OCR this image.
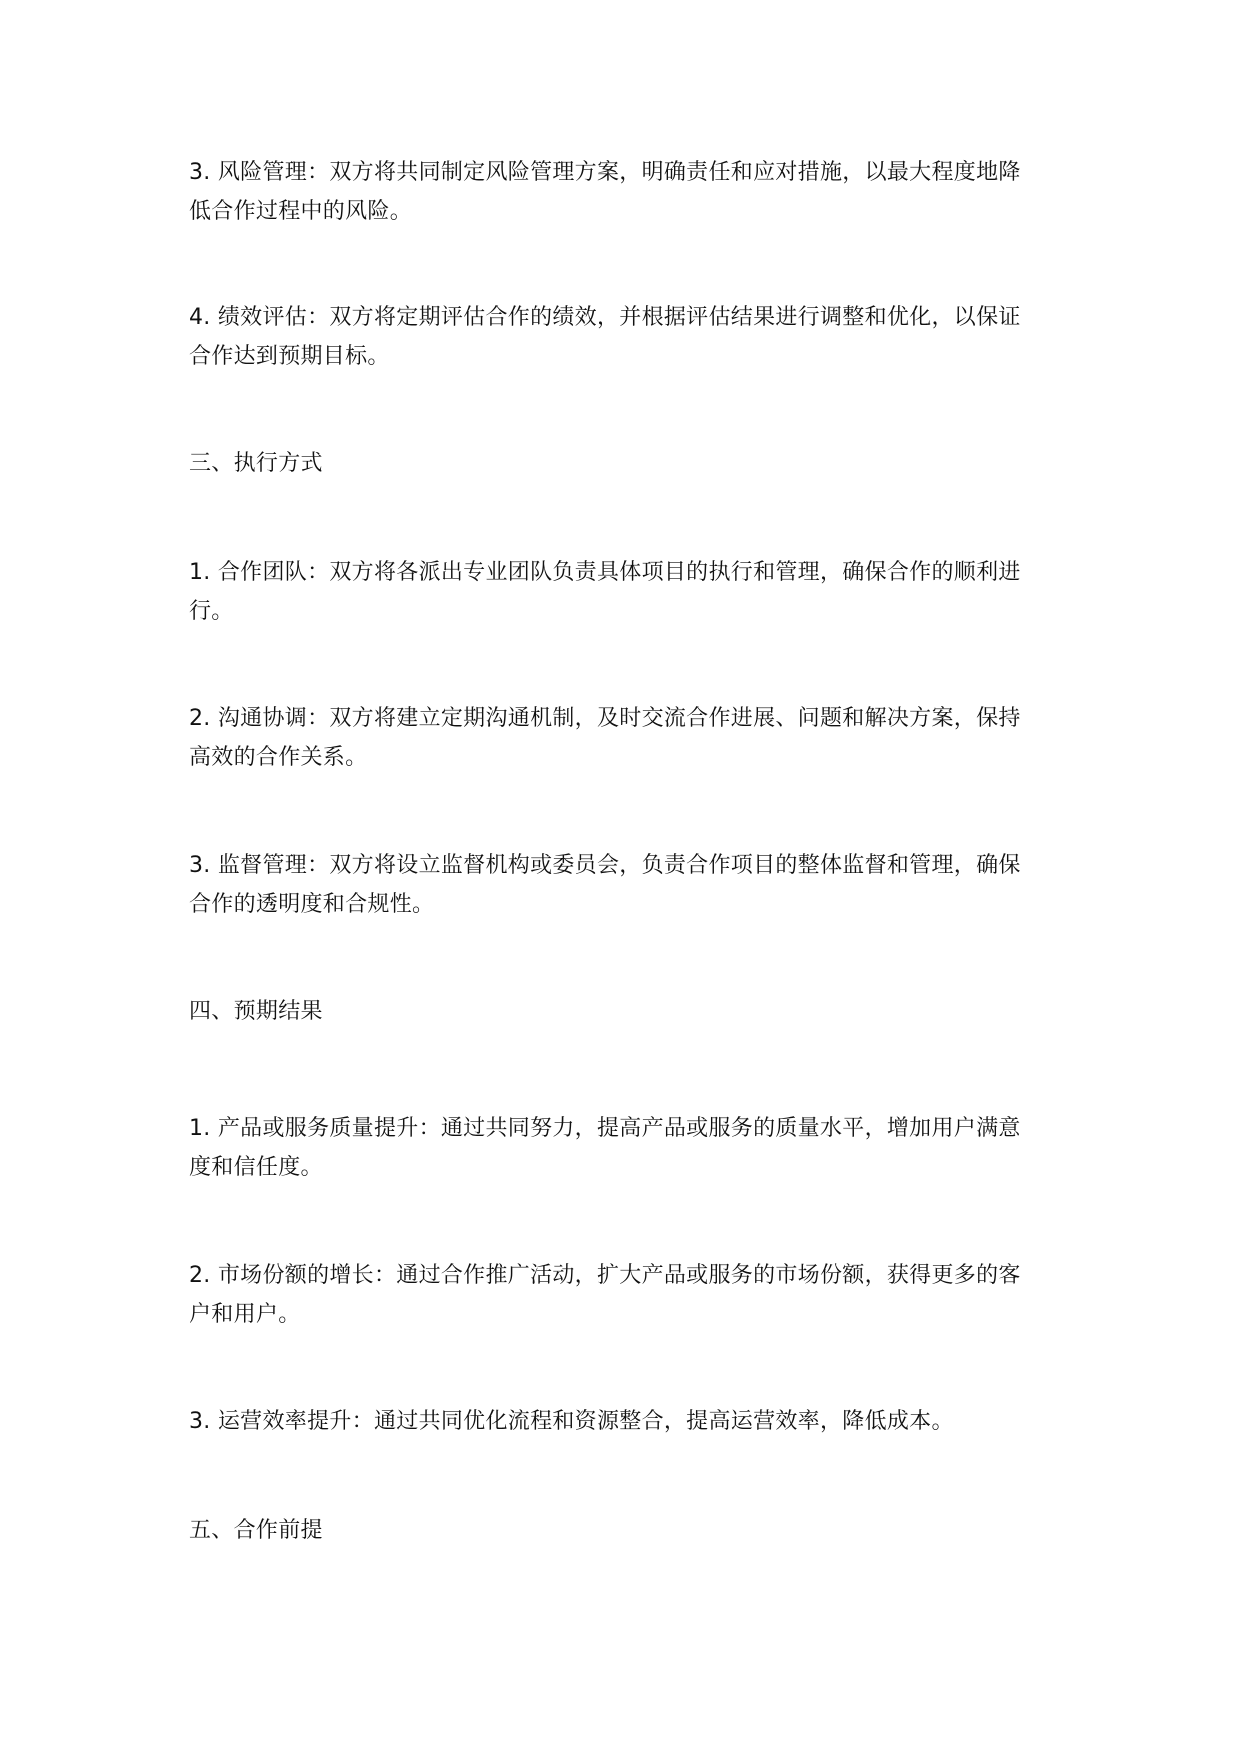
3. 风险管理：双方将共同制定风险管理方案，明确责任和应对措施，以最大程度地降
低合作过程中的风险。

4. 绩效评估：双方将定期评估合作的绩效，并根据评估结果进行调整和优化，以保证
合作达到预期目标。

三、执行方式

1. 合作团队：双方将各派出专业团队负责具体项目的执行和管理，确保合作的顺利进
行。

2. 沟通协调：双方将建立定期沟通机制，及时交流合作进展、问题和解决方案，保持
高效的合作关系。

3. 监督管理：双方将设立监督机构或委员会，负责合作项目的整体监督和管理，确保
合作的透明度和合规性。

四、预期结果

1. 产品或服务质量提升：通过共同努力，提高产品或服务的质量水平，增加用户满意
度和信任度。

2. 市场份额的增长：通过合作推广活动，扩大产品或服务的市场份额，获得更多的客
户和用户。

3. 运营效率提升：通过共同优化流程和资源整合，提高运营效率，降低成本。

五、合作前提
